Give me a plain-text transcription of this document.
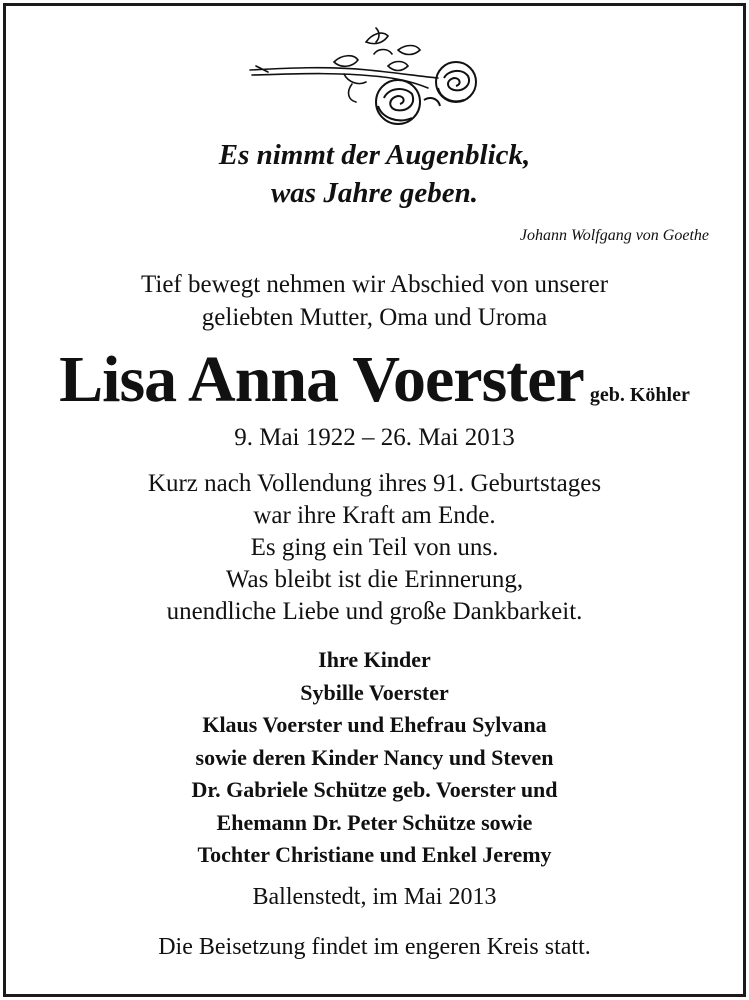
Es nimmt der Augenblick,
was Jahre geben.
Johann Wolfgang von Goethe
Tief bewegt nehmen wir Abschied von unserer
geliebten Mutter, Oma und Uroma
Lisa Anna Voerster geb. Köhler
9. Mai 1922 – 26. Mai 2013
Kurz nach Vollendung ihres 91. Geburtstages
war ihre Kraft am Ende.
Es ging ein Teil von uns.
Was bleibt ist die Erinnerung,
unendliche Liebe und große Dankbarkeit.
Ihre Kinder
Sybille Voerster
Klaus Voerster und Ehefrau Sylvana
sowie deren Kinder Nancy und Steven
Dr. Gabriele Schütze geb. Voerster und
Ehemann Dr. Peter Schütze sowie
Tochter Christiane und Enkel Jeremy
Ballenstedt, im Mai 2013
Die Beisetzung findet im engeren Kreis statt.
